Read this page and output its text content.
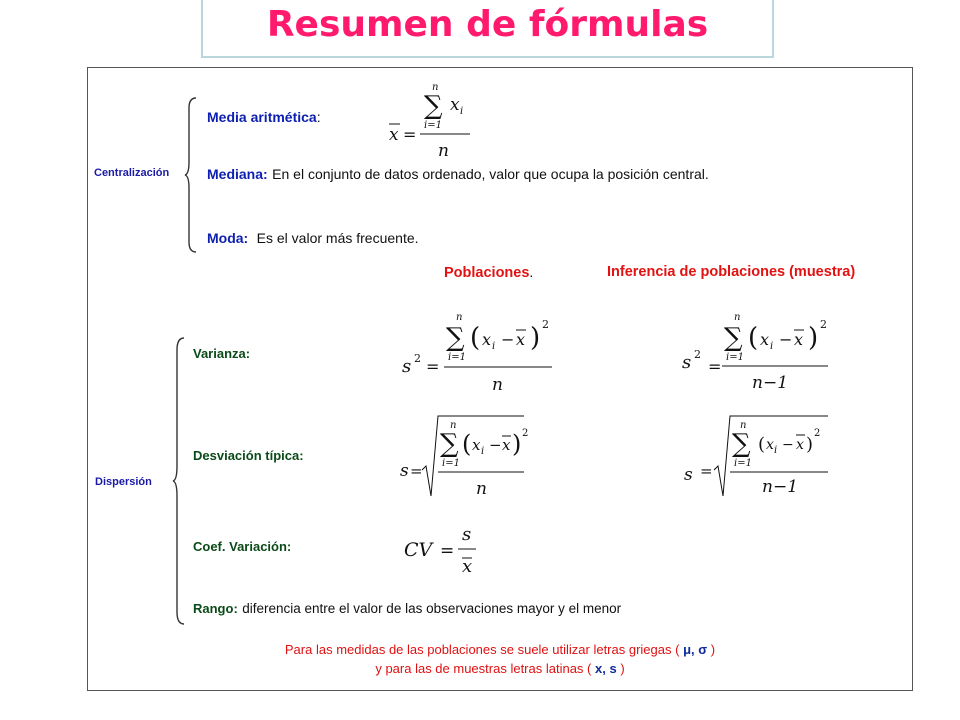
Resumen de fórmulas
Centralización
Media aritmética:
n
∑
i=1
x i
x =
n
Mediana: En el conjunto de datos ordenado, valor que ocupa la posición central.
Moda: Es el valor más frecuente.
Poblaciones.	Inferencia de poblaciones (muestra)
Dispersión
Varianza:
Desviación típica:
Coef. Variación:
Rango: diferencia entre el valor de las observaciones mayor y el menor
s 2 =
n
∑
i=1
( x i − x ) 2
n
s 2
=
n
∑
i=1
( x i − x ) 2
n−1
s =
n
∑
i=1
( x i − x ) 2
n
s =
n
∑
i=1
( x i − x )
2
n−1
CV =
s
x
Para las medidas de las poblaciones se suele utilizar letras griegas ( μ, σ )
y para las de muestras letras latinas ( x, s )
